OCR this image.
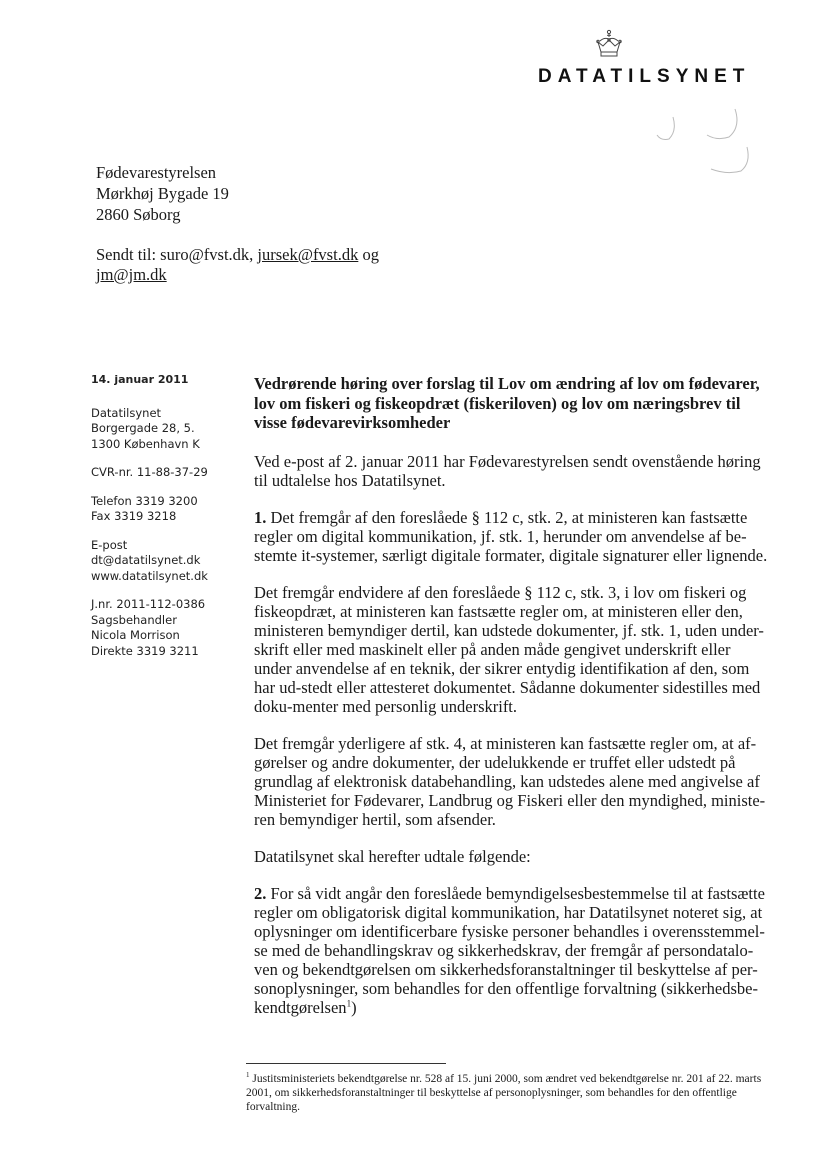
DATATILSYNET
Fødevarestyrelsen
Mørkhøj Bygade 19
2860 Søborg
Sendt til: suro@fvst.dk, jursek@fvst.dk og
jm@jm.dk
14. januar 2011
Datatilsynet
Borgergade 28, 5.
1300 København K
CVR-nr. 11-88-37-29
Telefon 3319 3200
Fax 3319 3218
E-post
dt@datatilsynet.dk
www.datatilsynet.dk
J.nr. 2011-112-0386
Sagsbehandler
Nicola Morrison
Direkte 3319 3211
Vedrørende høring over forslag til Lov om ændring af lov om fødevarer, lov om fiskeri og fiskeopdræt (fiskeriloven) og lov om næringsbrev til visse fødevarevirksomheder

Ved e-post af 2. januar 2011 har Fødevarestyrelsen sendt ovenstående høring til udtalelse hos Datatilsynet.

1. Det fremgår af den foreslåede § 112 c, stk. 2, at ministeren kan fastsætte regler om digital kommunikation, jf. stk. 1, herunder om anvendelse af be-stemte it-systemer, særligt digitale formater, digitale signaturer eller lignende.

Det fremgår endvidere af den foreslåede § 112 c, stk. 3, i lov om fiskeri og fiskeopdræt, at ministeren kan fastsætte regler om, at ministeren eller den, ministeren bemyndiger dertil, kan udstede dokumenter, jf. stk. 1, uden under-skrift eller med maskinelt eller på anden måde gengivet underskrift eller under anvendelse af en teknik, der sikrer entydig identifikation af den, som har ud-stedt eller attesteret dokumentet. Sådanne dokumenter sidestilles med doku-menter med personlig underskrift.

Det fremgår yderligere af stk. 4, at ministeren kan fastsætte regler om, at af-gørelser og andre dokumenter, der udelukkende er truffet eller udstedt på grundlag af elektronisk databehandling, kan udstedes alene med angivelse af Ministeriet for Fødevarer, Landbrug og Fiskeri eller den myndighed, ministe-ren bemyndiger hertil, som afsender.

Datatilsynet skal herefter udtale følgende:

2. For så vidt angår den foreslåede bemyndigelsesbestemmelse til at fastsætte regler om obligatorisk digital kommunikation, har Datatilsynet noteret sig, at oplysninger om identificerbare fysiske personer behandles i overensstemmel-se med de behandlingskrav og sikkerhedskrav, der fremgår af persondatalo-ven og bekendtgørelsen om sikkerhedsforanstaltninger til beskyttelse af per-sonoplysninger, som behandles for den offentlige forvaltning (sikkerhedsbe-kendtgørelsen$^1$)

$^1$ Justitsministeriets bekendtgørelse nr. 528 af 15. juni 2000, som ændret ved bekendtgørelse nr. 201 af 22. marts 2001, om sikkerhedsforanstaltninger til beskyttelse af personoplysninger, som behandles for den offentlige forvaltning.
